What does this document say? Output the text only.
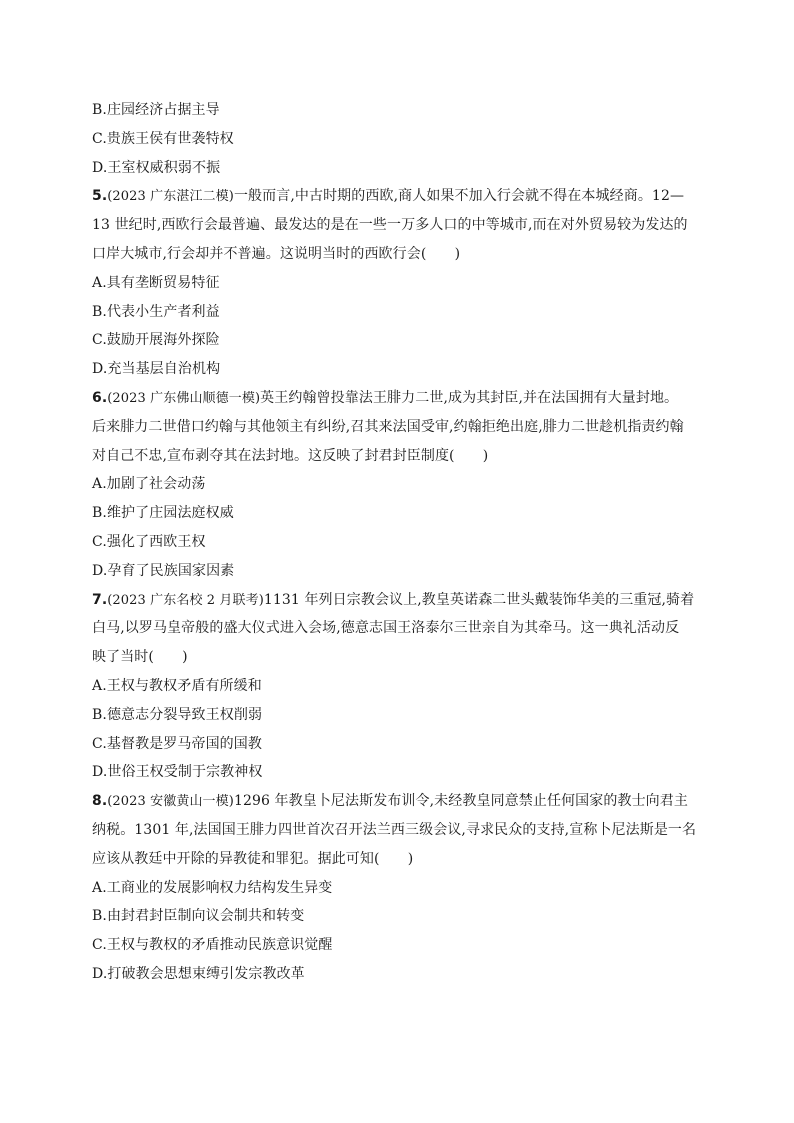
B.庄园经济占据主导
C.贵族王侯有世袭特权
D.王室权威积弱不振
5.(2023 广东湛江二模)一般而言,中古时期的西欧,商人如果不加入行会就不得在本城经商。12—
13 世纪时,西欧行会最普遍、最发达的是在一些一万多人口的中等城市,而在对外贸易较为发达的
口岸大城市,行会却并不普遍。这说明当时的西欧行会(　　)
A.具有垄断贸易特征
B.代表小生产者利益
C.鼓励开展海外探险
D.充当基层自治机构
6.(2023 广东佛山顺德一模)英王约翰曾投靠法王腓力二世,成为其封臣,并在法国拥有大量封地。
后来腓力二世借口约翰与其他领主有纠纷,召其来法国受审,约翰拒绝出庭,腓力二世趁机指责约翰
对自己不忠,宣布剥夺其在法封地。这反映了封君封臣制度(　　)
A.加剧了社会动荡
B.维护了庄园法庭权威
C.强化了西欧王权
D.孕育了民族国家因素
7.(2023 广东名校 2 月联考)1131 年列日宗教会议上,教皇英诺森二世头戴装饰华美的三重冠,骑着
白马,以罗马皇帝般的盛大仪式进入会场,德意志国王洛泰尔三世亲自为其牵马。这一典礼活动反
映了当时(　　)
A.王权与教权矛盾有所缓和
B.德意志分裂导致王权削弱
C.基督教是罗马帝国的国教
D.世俗王权受制于宗教神权
8.(2023 安徽黄山一模)1296 年教皇卜尼法斯发布训令,未经教皇同意禁止任何国家的教士向君主
纳税。1301 年,法国国王腓力四世首次召开法兰西三级会议,寻求民众的支持,宣称卜尼法斯是一名
应该从教廷中开除的异教徒和罪犯。据此可知(　　)
A.工商业的发展影响权力结构发生异变
B.由封君封臣制向议会制共和转变
C.王权与教权的矛盾推动民族意识觉醒
D.打破教会思想束缚引发宗教改革
